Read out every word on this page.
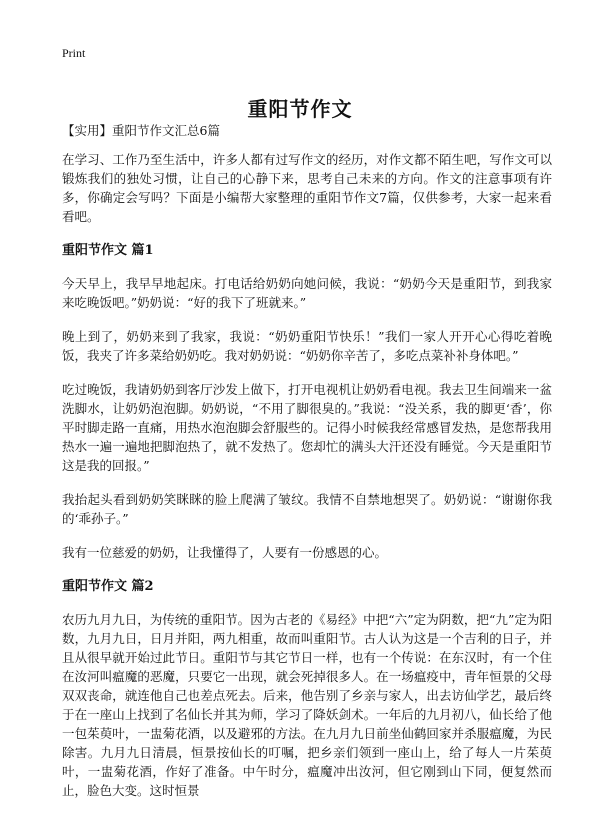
Print
重阳节作文
【实用】重阳节作文汇总6篇

在学习、工作乃至生活中，许多人都有过写作文的经历，对作文都不陌生吧，写作文可以锻炼我们的独处习惯，让自己的心静下来，思考自己未来的方向。作文的注意事项有许多，你确定会写吗？下面是小编帮大家整理的重阳节作文7篇，仅供参考，大家一起来看看吧。

重阳节作文 篇1

今天早上，我早早地起床。打电话给奶奶向她问候，我说：“奶奶今天是重阳节，到我家来吃晚饭吧。”奶奶说：“好的我下了班就来。”

晚上到了，奶奶来到了我家，我说：“奶奶重阳节快乐！”我们一家人开开心心得吃着晚饭，我夹了许多菜给奶奶吃。我对奶奶说：“奶奶你辛苦了，多吃点菜补补身体吧。”

吃过晚饭，我请奶奶到客厅沙发上做下，打开电视机让奶奶看电视。我去卫生间端来一盆洗脚水，让奶奶泡泡脚。奶奶说，“不用了脚很臭的。”我说：“没关系，我的脚更‘香’，你平时脚走路一直痛，用热水泡泡脚会舒服些的。记得小时候我经常感冒发热，是您帮我用热水一遍一遍地把脚泡热了，就不发热了。您却忙的满头大汗还没有睡觉。今天是重阳节这是我的回报。”

我抬起头看到奶奶笑眯眯的脸上爬满了皱纹。我情不自禁地想哭了。奶奶说：“谢谢你我的‘乖孙子。”

我有一位慈爱的奶奶，让我懂得了，人要有一份感恩的心。

重阳节作文 篇2

农历九月九日，为传统的重阳节。因为古老的《易经》中把“六”定为阴数，把“九”定为阳数，九月九日，日月并阳，两九相重，故而叫重阳节。古人认为这是一个吉利的日子，并且从很早就开始过此节日。重阳节与其它节日一样，也有一个传说：在东汉时，有一个住在汝河叫瘟魔的恶魔，只要它一出现，就会死掉很多人。在一场瘟疫中，青年恒景的父母双双丧命，就连他自己也差点死去。后来，他告别了乡亲与家人，出去访仙学艺，最后终于在一座山上找到了名仙长并其为师，学习了降妖剑术。一年后的九月初八，仙长给了他一包茱萸叶，一盅菊花酒，以及避邪的方法。在九月九日前坐仙鹤回家并杀服瘟魔，为民除害。九月九日清晨，恒景按仙长的叮嘱，把乡亲们领到一座山上，给了每人一片茱萸叶，一盅菊花酒，作好了准备。中午时分，瘟魔冲出汝河，但它刚到山下同，便复然而止，脸色大变。这时恒景
